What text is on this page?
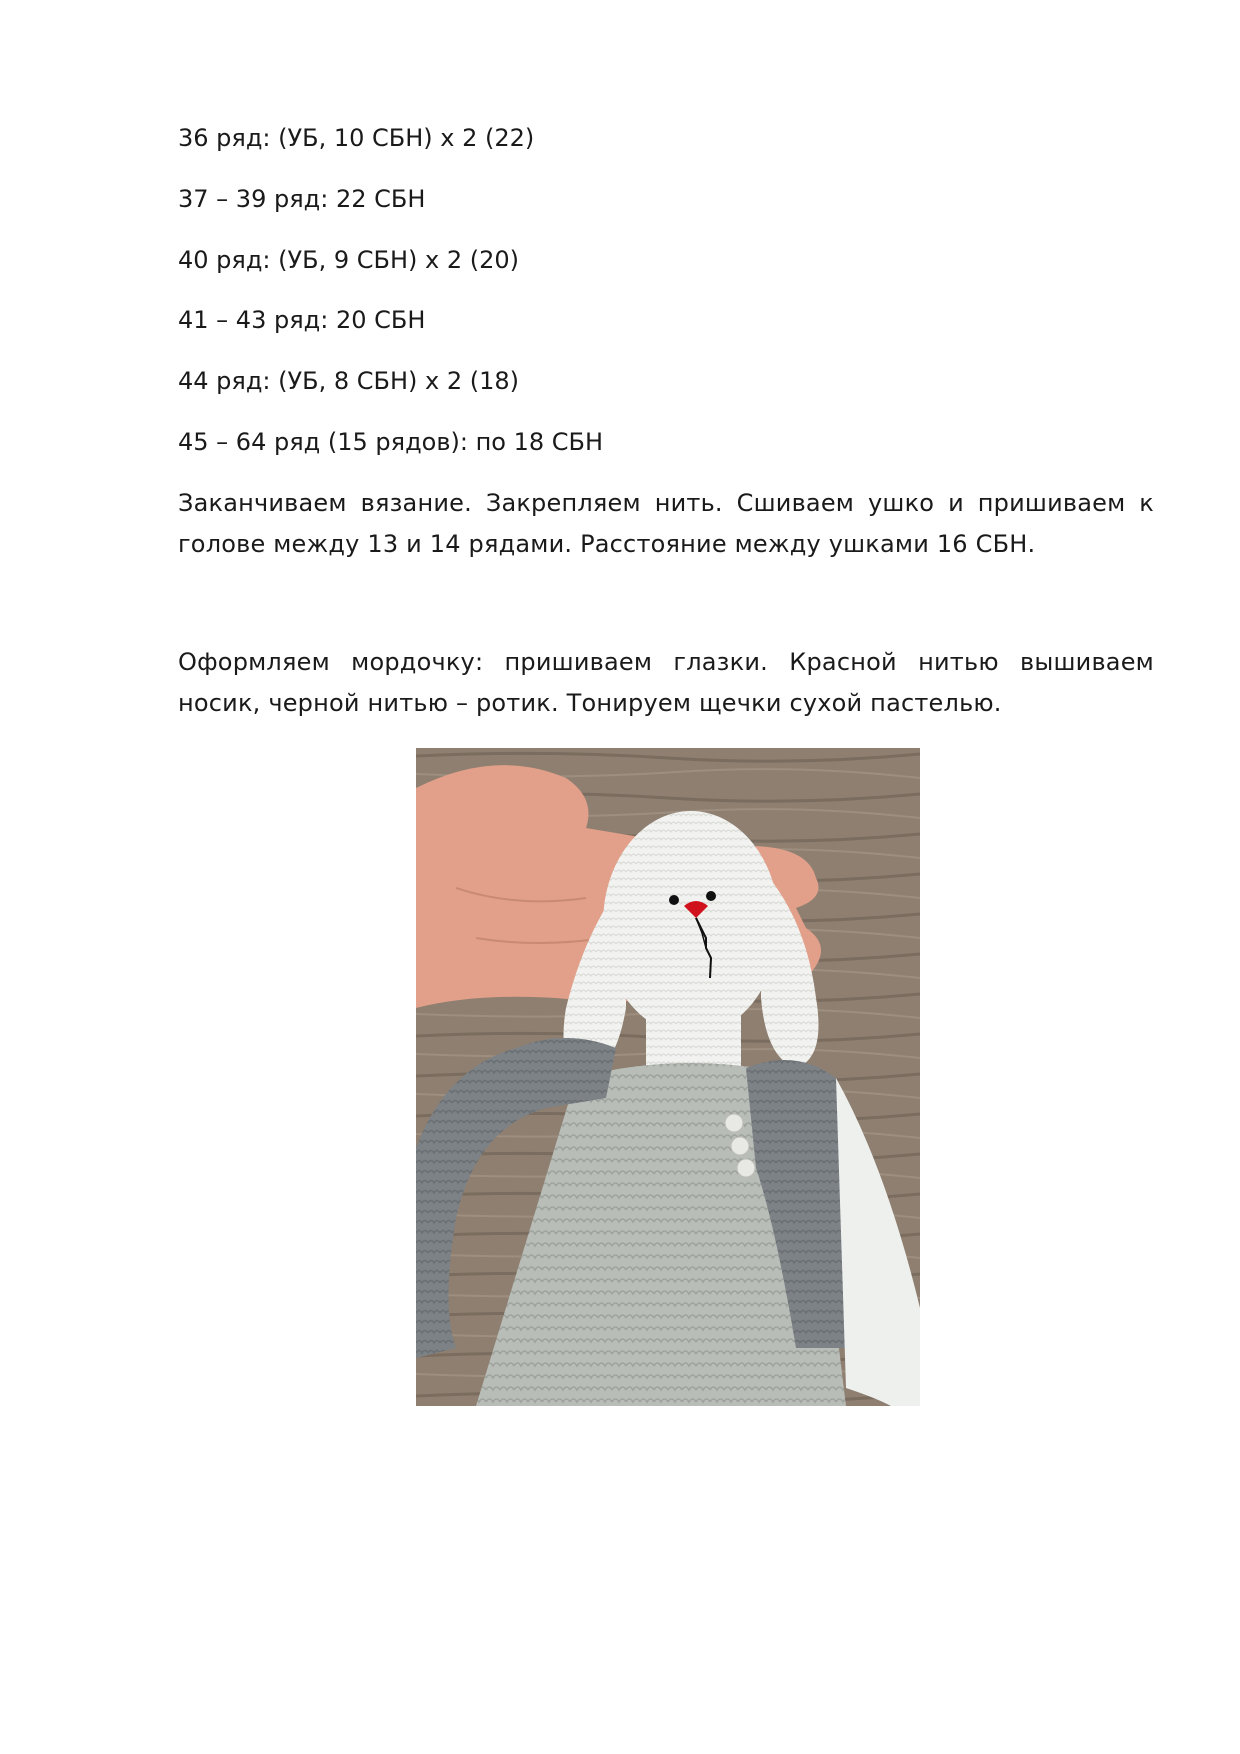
36 ряд: (УБ, 10 СБН) х 2 (22)
37 – 39 ряд: 22 СБН
40 ряд: (УБ, 9 СБН) х 2 (20)
41 – 43 ряд: 20 СБН
44 ряд: (УБ, 8 СБН) х 2 (18)
45 – 64 ряд (15 рядов): по 18 СБН
Заканчиваем вязание. Закрепляем нить. Сшиваем ушко и пришиваем к голове между 13 и 14 рядами. Расстояние между ушками 16 СБН.
Оформляем мордочку: пришиваем глазки. Красной нитью вышиваем носик, черной нитью – ротик. Тонируем щечки сухой пастелью.
